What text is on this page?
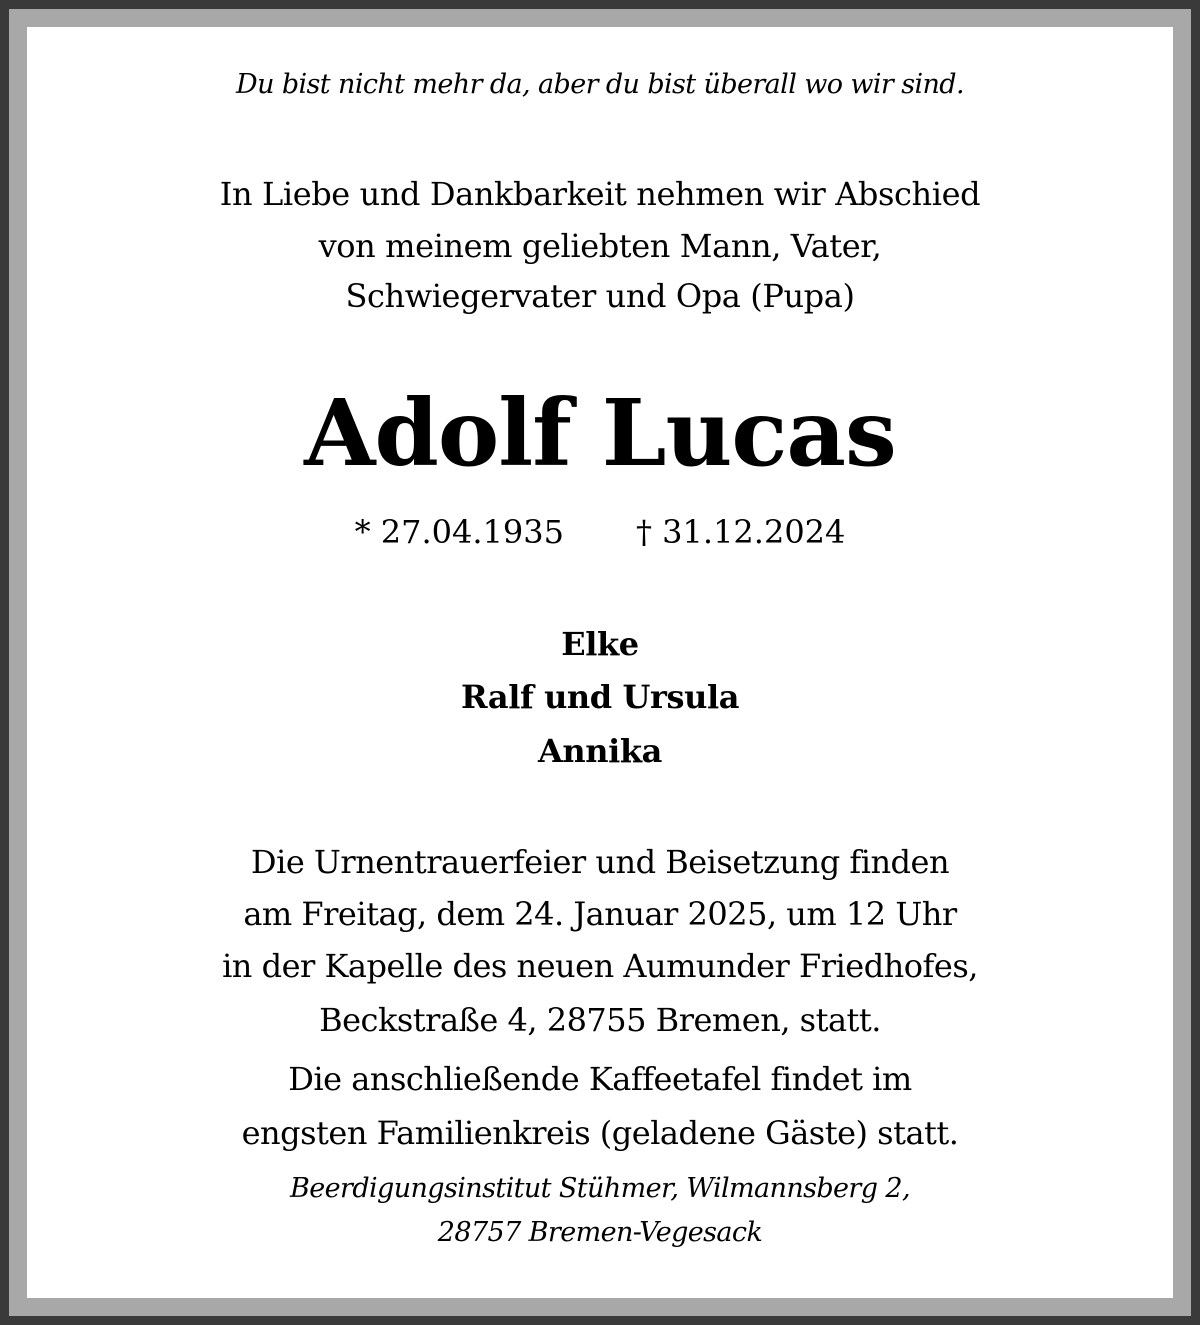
Du bist nicht mehr da, aber du bist überall wo wir sind.
In Liebe und Dankbarkeit nehmen wir Abschied
von meinem geliebten Mann, Vater,
Schwiegervater und Opa (Pupa)
Adolf Lucas
* 27.04.1935 † 31.12.2024
Elke
Ralf und Ursula
Annika
Die Urnentrauerfeier und Beisetzung finden
am Freitag, dem 24. Januar 2025, um 12 Uhr
in der Kapelle des neuen Aumunder Friedhofes,
Beckstraße 4, 28755 Bremen, statt.
Die anschließende Kaffeetafel findet im
engsten Familienkreis (geladene Gäste) statt.
Beerdigungsinstitut Stühmer, Wilmannsberg 2,
28757 Bremen-Vegesack
